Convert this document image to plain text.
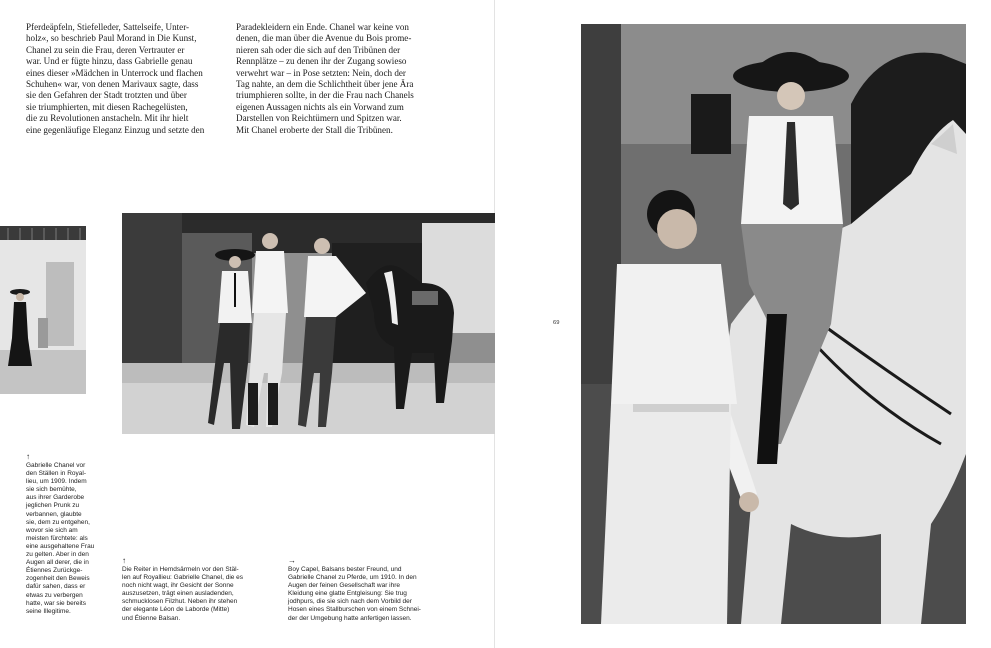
Pferdeäpfeln, Stiefelleder, Sattelseife, Unter-
holz«, so beschrieb Paul Morand in Die Kunst,
Chanel zu sein die Frau, deren Vertrauter er
war. Und er fügte hinzu, dass Gabrielle genau
eines dieser »Mädchen in Unterrock und flachen
Schuhen« war, von denen Marivaux sagte, dass
sie den Gefahren der Stadt trotzten und über
sie triumphierten, mit diesen Rachegelüsten,
die zu Revolutionen anstacheln. Mit ihr hielt
eine gegenläufige Eleganz Einzug und setzte den

Paradekleidern ein Ende. Chanel war keine von
denen, die man über die Avenue du Bois prome-
nieren sah oder die sich auf den Tribünen der
Rennplätze – zu denen ihr der Zugang sowieso
verwehrt war – in Pose setzten: Nein, doch der
Tag nahte, an dem die Schlichtheit über jene Ära
triumphieren sollte, in der die Frau nach Chanels
eigenen Aussagen nichts als ein Vorwand zum
Darstellen von Reichtümern und Spitzen war.
Mit Chanel eroberte der Stall die Tribünen.

↑
Gabrielle Chanel vor
den Ställen in Royal-
lieu, um 1909. Indem
sie sich bemühte,
aus ihrer Garderobe
jeglichen Prunk zu
verbannen, glaubte
sie, dem zu entgehen,
wovor sie sich am
meisten fürchtete: als
eine ausgehaltene Frau
zu gelten. Aber in den
Augen all derer, die in
Étiennes Zurückge-
zogenheit den Beweis
dafür sahen, dass er
etwas zu verbergen
hatte, war sie bereits
seine Illegitime.
↑
Die Reiter in Hemdsärmeln vor den Stäl-
len auf Royallieu: Gabrielle Chanel, die es
noch nicht wagt, ihr Gesicht der Sonne
auszusetzen, trägt einen ausladenden,
schmucklosen Filzhut. Neben ihr stehen
der elegante Léon de Laborde (Mitte)
und Étienne Balsan.
→
Boy Capel, Balsans bester Freund, und
Gabrielle Chanel zu Pferde, um 1910. In den
Augen der feinen Gesellschaft war ihre
Kleidung eine glatte Entgleisung: Sie trug
jodhpurs, die sie sich nach dem Vorbild der
Hosen eines Stallburschen von einem Schnei-
der der Umgebung hatte anfertigen lassen.
69
